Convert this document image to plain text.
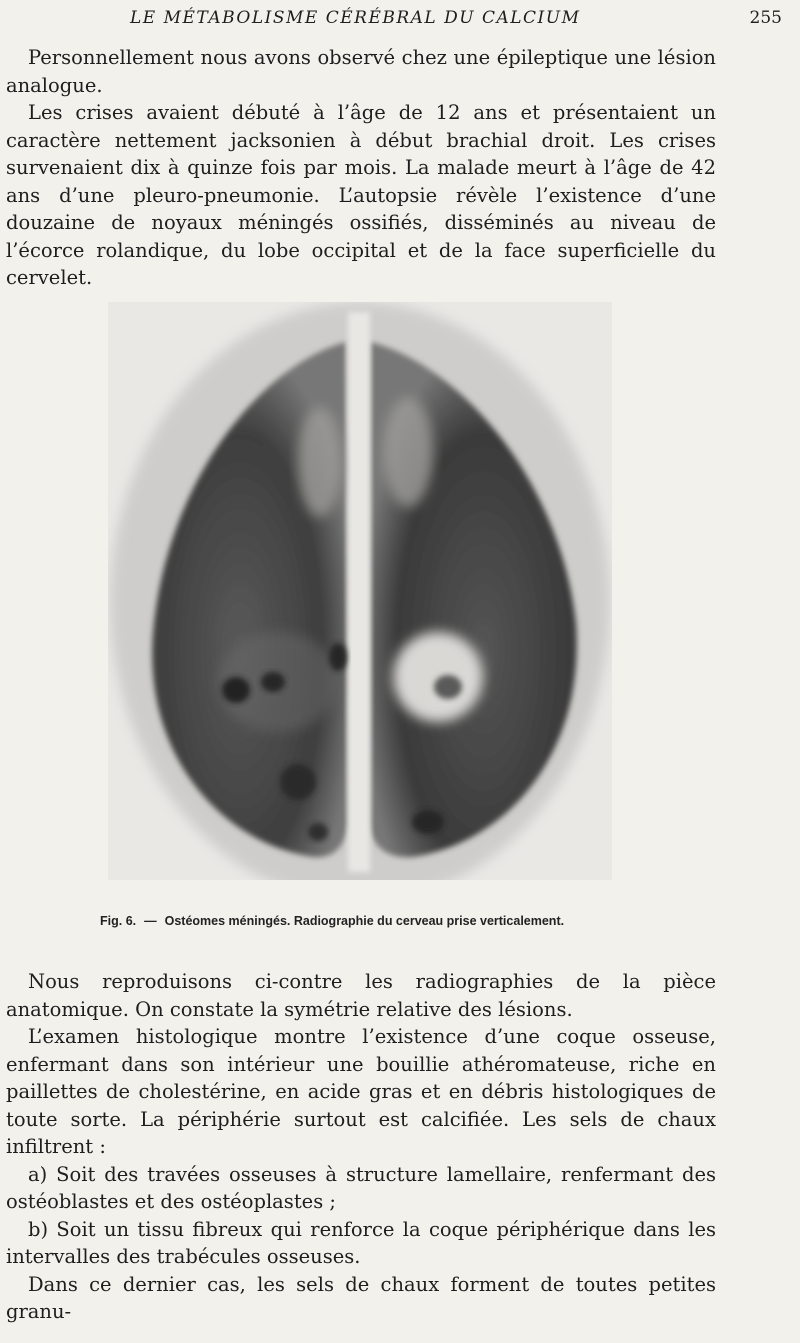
LE MÉTABOLISME CÉRÉBRAL DU CALCIUM	255

Personnellement nous avons observé chez une épileptique une lésion analogue.

Les crises avaient débuté à l’âge de 12 ans et présentaient un caractère nettement jacksonien à début brachial droit. Les crises survenaient dix à quinze fois par mois. La malade meurt à l’âge de 42 ans d’une pleuro-pneumonie. L’autopsie révèle l’existence d’une douzaine de noyaux méningés ossifiés, disséminés au niveau de l’écorce rolandique, du lobe occipital et de la face superficielle du cervelet.

Fig. 6. — Ostéomes méningés. Radiographie du cerveau prise verticalement.

Nous reproduisons ci-contre les radiographies de la pièce anatomique. On constate la symétrie relative des lésions.

L’examen histologique montre l’existence d’une coque osseuse, enfermant dans son intérieur une bouillie athéromateuse, riche en paillettes de cholestérine, en acide gras et en débris histologiques de toute sorte. La périphérie surtout est calcifiée. Les sels de chaux infiltrent :

a) Soit des travées osseuses à structure lamellaire, renfermant des ostéoblastes et des ostéoplastes ;

b) Soit un tissu fibreux qui renforce la coque périphérique dans les intervalles des trabécules osseuses.

Dans ce dernier cas, les sels de chaux forment de toutes petites granu-
